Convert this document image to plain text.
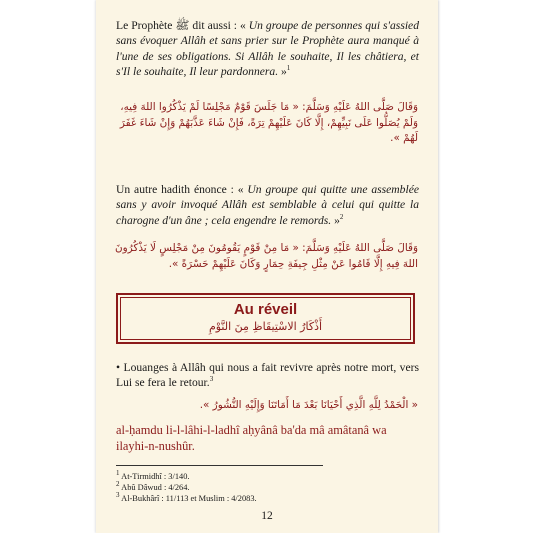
Le Prophète ﷺ dit aussi : « Un groupe de personnes qui s'assied sans évoquer Allâh et sans prier sur le Prophète aura manqué à l'une de ses obligations. Si Allâh le souhaite, Il les châtiera, et s'Il le souhaite, Il leur pardonnera. »$^1$

وَقَالَ صَلَّى اللهُ عَلَيْهِ وَسَلَّمَ: « مَا جَلَسَ قَوْمٌ مَجْلِسًا لَمْ يَذْكُرُوا اللهَ فِيهِ، وَلَمْ يُصَلُّوا عَلَى نَبِيِّهِمْ، إِلَّا كَانَ عَلَيْهِمْ تِرَةً، فَإِنْ شَاءَ عَذَّبَهُمْ وَإِنْ شَاءَ غَفَرَ لَهُمْ ».

Un autre hadith énonce : « Un groupe qui quitte une assemblée sans y avoir invoqué Allâh est semblable à celui qui quitte la charogne d'un âne ; cela engendre le remords. »$^2$

وَقَالَ صَلَّى اللهُ عَلَيْهِ وَسَلَّمَ: « مَا مِنْ قَوْمٍ يَقُومُونَ مِنْ مَجْلِسٍ لَا يَذْكُرُونَ اللهَ فِيهِ إِلَّا قَامُوا عَنْ مِثْلِ جِيفَةِ حِمَارٍ وَكَانَ عَلَيْهِمْ حَسْرَةً ».

Au réveil
أَذْكَارُ الاسْتِيقَاظِ مِنَ النَّوْمِ

• Louanges à Allâh qui nous a fait revivre après notre mort, vers Lui se fera le retour.$^3$

« الْحَمْدُ لِلَّهِ الَّذِي أَحْيَانَا بَعْدَ مَا أَمَاتَنَا وَإِلَيْهِ النُّشُورُ ».

al-ḥamdu li-l-lâhi-l-ladhî aḥyânâ ba'da mâ amâtanâ wa ilayhi-n-nushûr.

$^1$ At-Tirmidhî : 3/140.

$^2$ Abû Dâwud : 4/264.

$^3$ Al-Bukhârî : 11/113 et Muslim : 4/2083.

12
